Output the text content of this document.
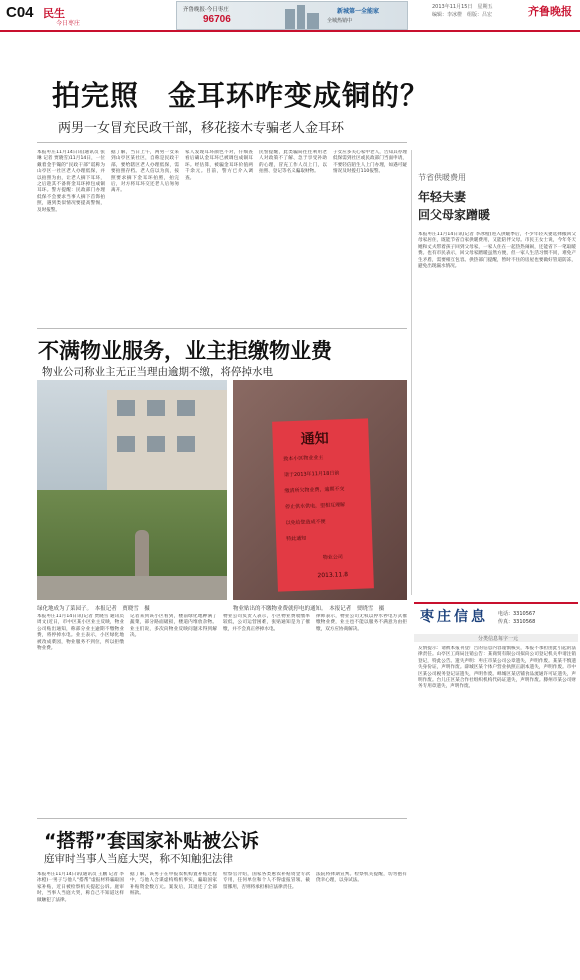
C04 民生
今日枣庄
2013年11月15日　星期五
编辑：李冰橙　组版：吕宏	齐鲁晚报
齐鲁晚报·今日枣庄
96706
新城第一全能家
全城热销中
拍完照　金耳环咋变成铜的？
两男一女冒充民政干部，移花接木专骗老人金耳环
本报枣庄11月14日讯(通讯员 张琳 记者 贾晓雪)11月14日，一位戴着金手镯的“民政干部”谎称为山亭区一社区老人办理低保，并以拍照为由，让老人摘下耳环，之后趁其不备将金耳环掉包成铜耳环。警方提醒：民政部门办理低保不会要求当事人摘下首饰拍照，遇到类似情况要提高警惕，及时报警。
据了解，当日上午，两男一女来到山亭区某社区，自称是民政干部，要给辖区老人办理低保，需要拍照存档。老人信以为真，按照要求摘下金耳环拍照，拍完后，对方将耳环交还老人后匆匆离开。
家人发现耳环颜色不对，仔细查看后确认金耳环已被调包成铜耳环。经估算，被骗金耳环价值两千余元。目前，警方已介入调查。
民警提醒，此类骗局往往利用老人对政策不了解、急于享受补助的心理，冒充工作人员上门，以拍照、登记等名义骗取财物。
子女应多关心家中老人，告知其办理低保需到社区或民政部门当面申请，不要轻信陌生人上门办理，如遇可疑情况及时拨打110报警。
节省供暖费用
年轻夫妻
回父母家蹭暖
本报枣庄11月14日讯(记者 李冰橙)进入供暖季后，不少年轻夫妻选择搬回父母家居住，既能节省自家供暖费用，又能陪伴父母。市民王女士说，今年冬天她和丈夫带着孩子回到父母家，一家人住在一起热热闹闹，还能省下一笔取暖费。也有市民表示，回父母家蹭暖虽然方便，但一家人生活习惯不同，难免产生矛盾，需要相互包容。供热部门提醒，暂时不住的房屋也要做好管道防冻，避免出现漏水情况。
不满物业服务，业主拒缴物业费
物业公司称业主无正当理由逾期不缴，将停掉水电
通知
致本小区物业业主
请于2013年11月18日前
缴清所欠物业费，逾期不交
停止供水供电，望相互理解
以免给您造成不便
特此通知
物业公司
2013.11.8
绿化地成为了菜园子。　本报记者　贾晓雪　摄	物业贴出的不缴物业费就停电的通知。　本报记者　贾晓雪　摄
本报枣庄11月14日讯(记者 贾晓雪 通讯员 周文)近日，市中区某小区业主反映，物业公司贴出通知，称部分业主逾期不缴物业费，将停掉水电。业主表示，小区绿化地被改成菜园，物业服务不到位，所以拒缴物业费。
记者来到该小区看到，楼前绿化地种满了蔬菜，部分路面破损，楼道内堆放杂物。业主们说，多次向物业反映问题未得到解决。
物业公司负责人表示，小区物业费收缴率较低，公司运营困难，张贴通知是为了催缴，并不会真正停掉水电。
律师表示，物业公司无权以停水停电方式催缴物业费，业主也不能以服务不满意为由拒缴，双方应协商解决。
枣庄信息 电话：3310567
传真：3310568
分类信息每字一元
友情提示：请被本报刊登广告的信息内容谨慎核实，本报不承担由此引起的法律责任。山亭区工商局注销公告：某商贸有限公司拟向公司登记机关申请注销登记，特此公告。遗失声明：枣庄市某公司公章遗失，声明作废。某某不慎遗失身份证，声明作废。薛城区某个体户营业执照正副本遗失，声明作废。市中区某公司税务登记证遗失，声明作废。峄城区某店铺食品流通许可证遗失，声明作废。台儿庄区某合作社组织机构代码证遗失，声明作废。滕州市某公司财务专用章遗失，声明作废。
“搭帮”套国家补贴被公诉
庭审时当事人当庭大哭，称不知触犯法律
本报枣庄11月14日讯(通讯员 王鹏 记者 李冰橙)一男子与他人“搭帮”虚报材料骗取国家补贴，近日被检察机关提起公诉。庭审时，当事人当庭大哭，称自己不知道这样做触犯了法律。
据了解，该男子在申报农机购置补贴过程中，与他人合谋虚构购机事实，骗取国家补贴资金数万元。案发后，其退还了全部赃款。
检察官介绍，国家各类惠农补贴资金专款专用，任何单位和个人不得虚报冒领、截留挪用，否则将承担相应法律责任。
法院将择期宣判。检察机关提醒，切勿抱有侥幸心理，以身试法。
